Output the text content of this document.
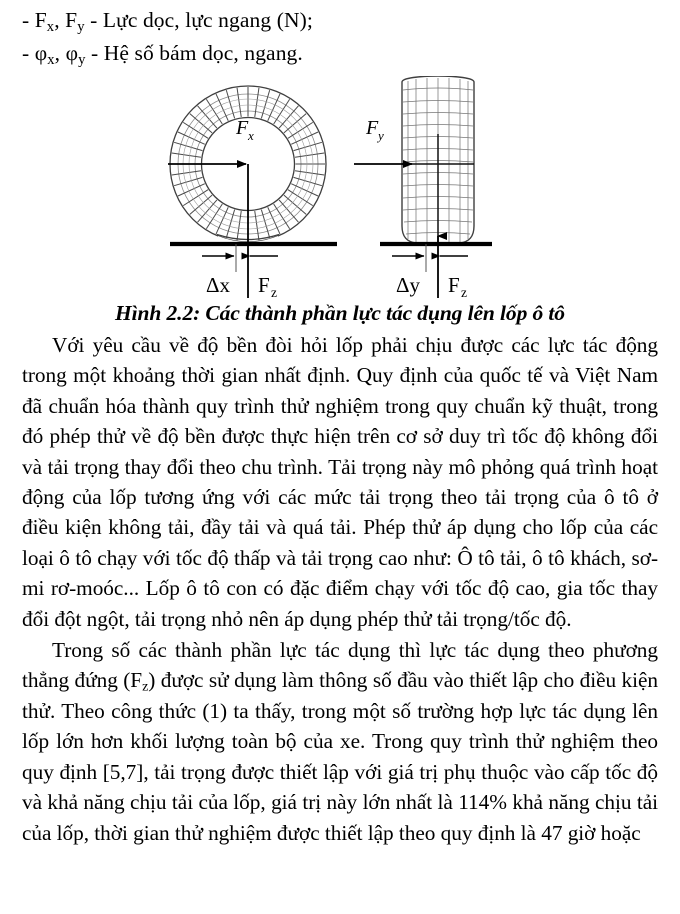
- $F_x$, $F_y$ - Lực dọc, lực ngang (N);
- $\varphi_x$, $\varphi_y$ - Hệ số bám dọc, ngang.
F x
Δx F z
F y
Δy F z
Hình 2.2: Các thành phần lực tác dụng lên lốp ô tô

Với yêu cầu về độ bền đòi hỏi lốp phải chịu được các lực tác động trong một khoảng thời gian nhất định. Quy định của quốc tế và Việt Nam đã chuẩn hóa thành quy trình thử nghiệm trong quy chuẩn kỹ thuật, trong đó phép thử về độ bền được thực hiện trên cơ sở duy trì tốc độ không đổi và tải trọng thay đổi theo chu trình. Tải trọng này mô phỏng quá trình hoạt động của lốp tương ứng với các mức tải trọng theo tải trọng của ô tô ở điều kiện không tải, đầy tải và quá tải. Phép thử áp dụng cho lốp của các loại ô tô chạy với tốc độ thấp và tải trọng cao như: Ô tô tải, ô tô khách, sơ-mi rơ-moóc... Lốp ô tô con có đặc điểm chạy với tốc độ cao, gia tốc thay đổi đột ngột, tải trọng nhỏ nên áp dụng phép thử tải trọng/tốc độ.

Trong số các thành phần lực tác dụng thì lực tác dụng theo phương thẳng đứng $(F_z)$ được sử dụng làm thông số đầu vào thiết lập cho điều kiện thử. Theo công thức (1) ta thấy, trong một số trường hợp lực tác dụng lên lốp lớn hơn khối lượng toàn bộ của xe. Trong quy trình thử nghiệm theo quy định [5,7], tải trọng được thiết lập với giá trị phụ thuộc vào cấp tốc độ và khả năng chịu tải của lốp, giá trị này lớn nhất là 114% khả năng chịu tải của lốp, thời gian thử nghiệm được thiết lập theo quy định là 47 giờ hoặc
